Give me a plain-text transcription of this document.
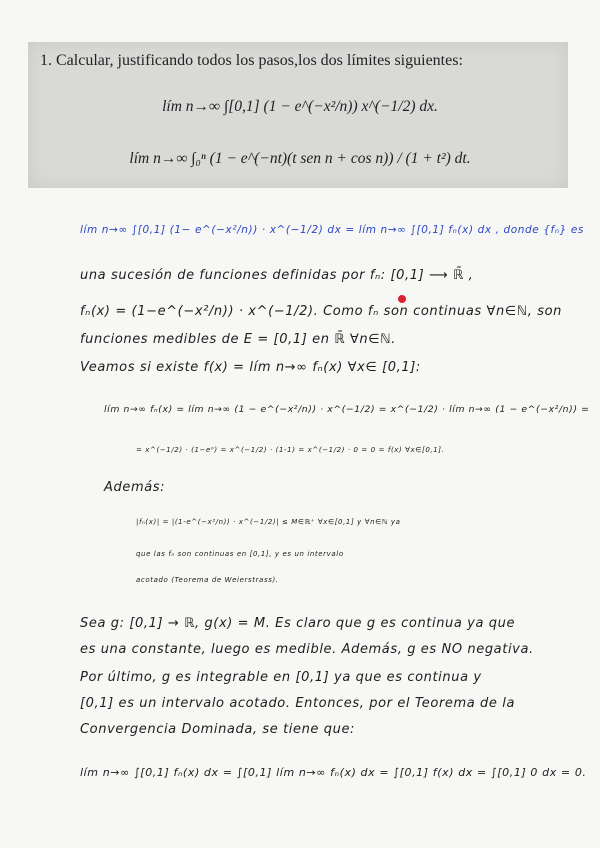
1. Calcular, justificando todos los pasos,los dos límites siguientes:
lím n→∞ ∫[0,1] (1 − e^(−x²/n)) x^(−1/2) dx.
lím n→∞ ∫₀ⁿ (1 − e^(−nt)(t sen n + cos n)) / (1 + t²) dt.
lím n→∞ ∫[0,1] (1− e^(−x²/n)) · x^(−1/2) dx = lím n→∞ ∫[0,1] fₙ(x) dx , donde {fₙ} es
una sucesión de funciones definidas por fₙ: [0,1] ⟶ ℝ̄ ,
fₙ(x) = (1−e^(−x²/n)) · x^(−1/2). Como fₙ son continuas ∀n∈ℕ, son
funciones medibles de E = [0,1] en ℝ̄ ∀n∈ℕ.
Veamos si existe f(x) = lím n→∞ fₙ(x) ∀x∈ [0,1]:
lím n→∞ fₙ(x) = lím n→∞ (1 − e^(−x²/n)) · x^(−1/2) = x^(−1/2) · lím n→∞ (1 − e^(−x²/n)) =
= x^(−1/2) · (1−e⁰) = x^(−1/2) · (1-1) = x^(−1/2) · 0 = 0 = f(x) ∀x∈[0,1].
Además:
|fₙ(x)| = |(1-e^(−x²/n)) · x^(−1/2)| ≤ M∈ℝ⁺ ∀x∈[0,1] y ∀n∈ℕ ya
que las fₙ son continuas en [0,1], y es un intervalo
acotado (Teorema de Weierstrass).
Sea g: [0,1] → ℝ, g(x) = M. Es claro que g es continua ya que
es una constante, luego es medible. Además, g es NO negativa.
Por último, g es integrable en [0,1] ya que es continua y
[0,1] es un intervalo acotado. Entonces, por el Teorema de la
Convergencia Dominada, se tiene que:
lím n→∞ ∫[0,1] fₙ(x) dx = ∫[0,1] lím n→∞ fₙ(x) dx = ∫[0,1] f(x) dx = ∫[0,1] 0 dx = 0.
